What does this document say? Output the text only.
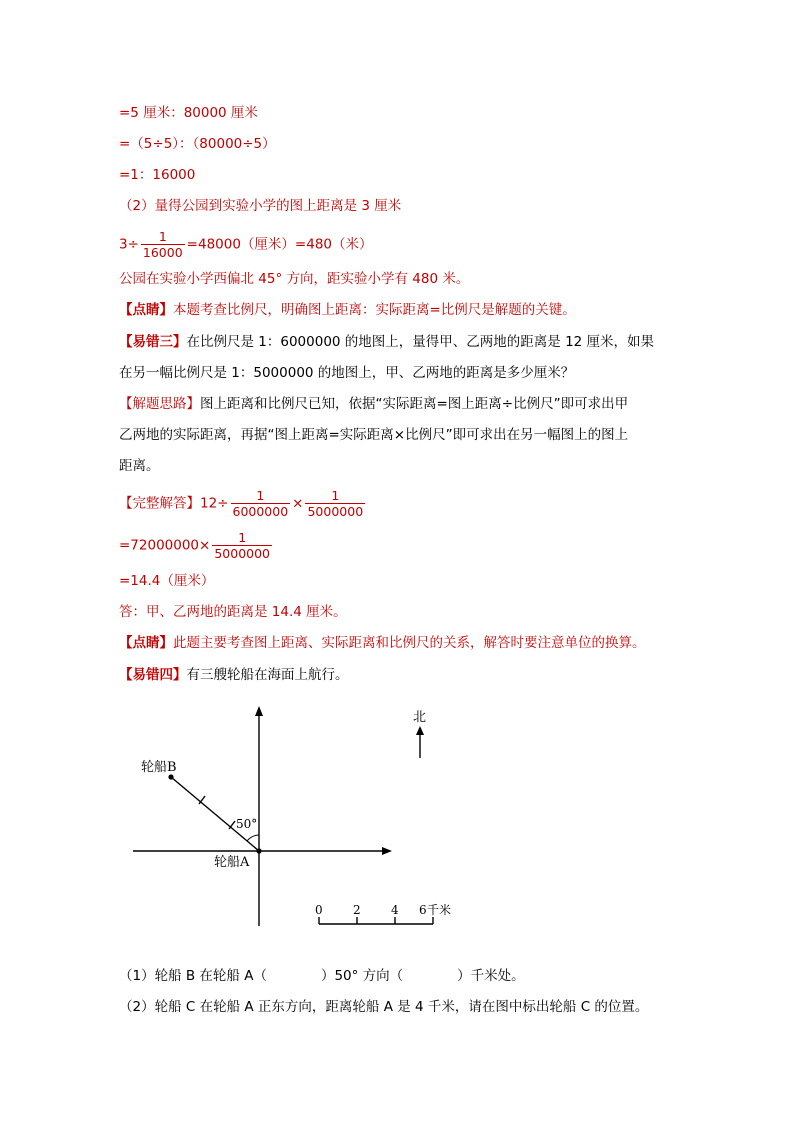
=5 厘米：80000 厘米
=（5÷5）：（80000÷5）
=1：16000
（2）量得公园到实验小学的图上距离是 3 厘米
$3\div \frac{1}{16000} =48000$（厘米）=480（米）
公园在实验小学西偏北 45° 方向，距实验小学有 480 米。
【点睛】本题考查比例尺，明确图上距离：实际距离=比例尺是解题的关键。
【易错三】在比例尺是 1：6000000 的地图上，量得甲、乙两地的距离是 12 厘米，如果
在另一幅比例尺是 1：5000000 的地图上，甲、乙两地的距离是多少厘米？
【解题思路】图上距离和比例尺已知，依据“实际距离=图上距离÷比例尺”即可求出甲
乙两地的实际距离，再据“图上距离=实际距离×比例尺”即可求出在另一幅图上的图上
距离。
【完整解答】$12\div \frac{1}{6000000} \times \frac{1}{5000000}$
$=72000000\times \frac{1}{5000000}$
=14.4（厘米）
答：甲、乙两地的距离是 14.4 厘米。
【点睛】此题主要考查图上距离、实际距离和比例尺的关系，解答时要注意单位的换算。
【易错四】有三艘轮船在海面上航行。
50°
轮船B
轮船A
北
0	2	4 6 千米
（1）轮船 B 在轮船 A（　　　　）50° 方向（　　　　）千米处。
（2）轮船 C 在轮船 A 正东方向，距离轮船 A 是 4 千米，请在图中标出轮船 C 的位置。
